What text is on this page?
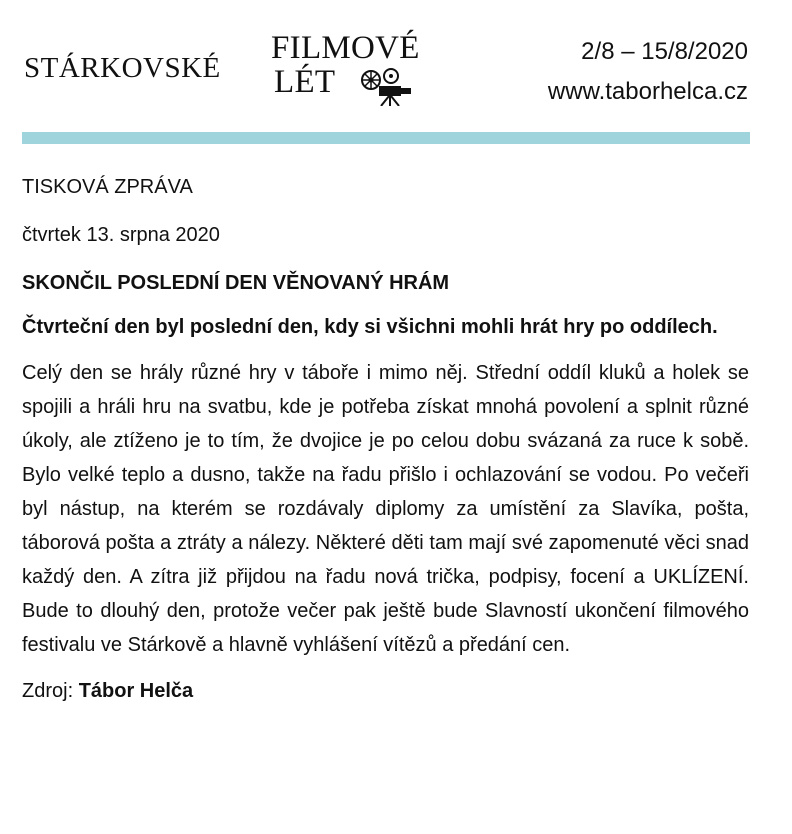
STÁRKOVSKÉ
FILMOVÉ
LÉT
2/8 – 15/8/2020
www.taborhelca.cz

TISKOVÁ ZPRÁVA

čtvrtek 13. srpna 2020

SKONČIL POSLEDNÍ DEN VĚNOVANÝ HRÁM

Čtvrteční den byl poslední den, kdy si všichni mohli hrát hry po oddílech.

Celý den se hrály různé hry v táboře i mimo něj. Střední oddíl kluků a holek se spojili a hráli hru na svatbu, kde je potřeba získat mnohá povolení a splnit různé úkoly, ale ztíženo je to tím, že dvojice je po celou dobu svázaná za ruce k sobě. Bylo velké teplo a dusno, takže na řadu přišlo i ochlazování se vodou. Po večeři byl nástup, na kterém se rozdávaly diplomy za umístění za Slavíka, pošta, táborová pošta a ztráty a nálezy. Některé děti tam mají své zapomenuté věci snad každý den. A zítra již přijdou na řadu nová trička, podpisy, focení a UKLÍZENÍ. Bude to dlouhý den, protože večer pak ještě bude Slavností ukončení filmového festivalu ve Stárkově a hlavně vyhlášení vítězů a předání cen.

Zdroj: Tábor Helča
